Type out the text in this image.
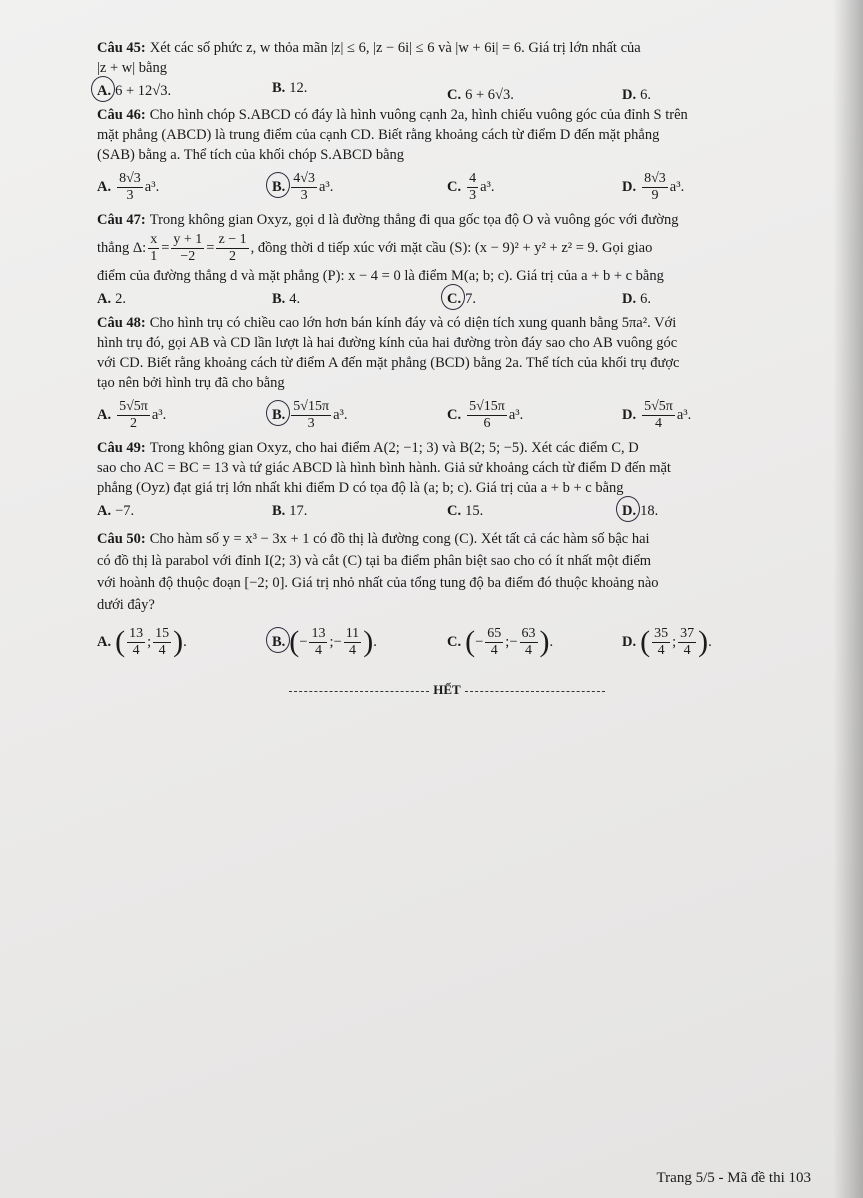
Câu 45: Xét các số phức z, w thỏa mãn |z| ≤ 6, |z − 6i| ≤ 6 và |w + 6i| = 6. Giá trị lớn nhất của
|z + w| bằng
A. 6 + 12√3.	B. 12.	C. 6 + 6√3.	D. 6.
Câu 46: Cho hình chóp S.ABCD có đáy là hình vuông cạnh 2a, hình chiếu vuông góc của đỉnh S trên
mặt phẳng (ABCD) là trung điểm của cạnh CD. Biết rằng khoảng cách từ điểm D đến mặt phẳng
(SAB) bằng a. Thể tích của khối chóp S.ABCD bằng
A. $\frac{8√3}{3} a^3$.	B. $\frac{4√3}{3} a^3$.	C. $\frac{4}{3} a^3$.	D. $\frac{8√3}{9} a^3$.
Câu 47: Trong không gian Oxyz, gọi d là đường thẳng đi qua gốc tọa độ O và vuông góc với đường
thẳng Δ: $\frac{x}{1} = \frac{y + 1}{-2} = \frac{z - 1}{2}$ , đồng thời d tiếp xúc với mặt cầu (S): (x − 9)² + y² + z² = 9. Gọi giao
điểm của đường thẳng d và mặt phẳng (P): x − 4 = 0 là điểm M(a; b; c). Giá trị của a + b + c bằng
A. 2.	B. 4.	C. 7.	D. 6.
Câu 48: Cho hình trụ có chiều cao lớn hơn bán kính đáy và có diện tích xung quanh bằng 5πa². Với
hình trụ đó, gọi AB và CD lần lượt là hai đường kính của hai đường tròn đáy sao cho AB vuông góc
với CD. Biết rằng khoảng cách từ điểm A đến mặt phẳng (BCD) bằng 2a. Thể tích của khối trụ được
tạo nên bởi hình trụ đã cho bằng
A. $\frac{5√5\pi}{2} a^3$.	B. $\frac{5√15\pi}{3} a^3$.	C. $\frac{5√15\pi}{6} a^3$.	D. $\frac{5√5\pi}{4} a^3$.
Câu 49: Trong không gian Oxyz, cho hai điểm A(2; −1; 3) và B(2; 5; −5). Xét các điểm C, D
sao cho AC = BC = 13 và tứ giác ABCD là hình bình hành. Giả sử khoảng cách từ điểm D đến mặt
phẳng (Oyz) đạt giá trị lớn nhất khi điểm D có tọa độ là (a; b; c). Giá trị của a + b + c bằng
A. −7.	B. 17.	C. 15.	D. 18.
Câu 50: Cho hàm số y = x³ − 3x + 1 có đồ thị là đường cong (C). Xét tất cả các hàm số bậc hai
có đồ thị là parabol với đỉnh I(2; 3) và cắt (C) tại ba điểm phân biệt sao cho có ít nhất một điểm
với hoành độ thuộc đoạn [−2; 0]. Giá trị nhỏ nhất của tổng tung độ ba điểm đó thuộc khoảng nào
dưới đây?
A. ( $\frac{13}{4}$ ; $\frac{15}{4}$ ) .	B. ( − $\frac{13}{4}$ ; − $\frac{11}{4}$ ) .	C. ( − $\frac{65}{4}$ ; − $\frac{63}{4}$ ) .	D. ( $\frac{35}{4}$ ; $\frac{37}{4}$ ) .
HẾT
Trang 5/5 - Mã đề thi 103
